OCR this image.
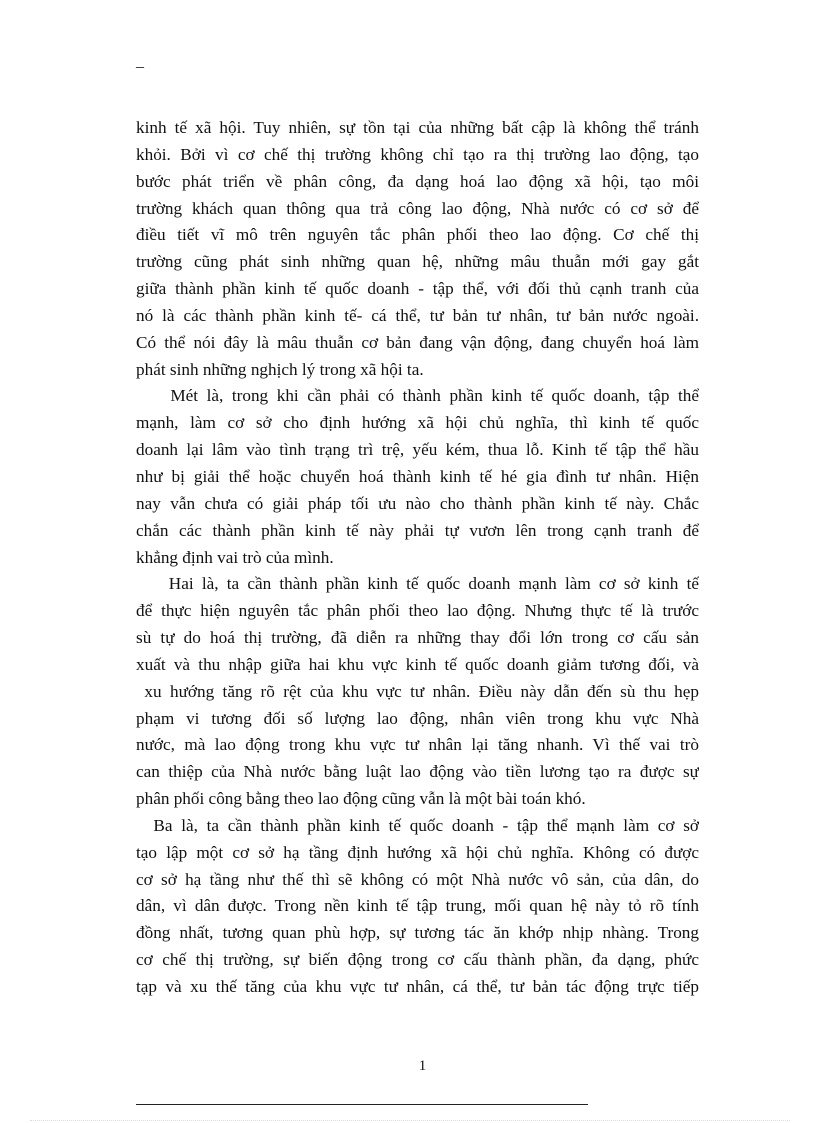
_
kinh tế xã hội. Tuy nhiên, sự tồn tại của những bất cập là không thể tránh
khỏi. Bởi vì cơ chế thị trường không chỉ tạo ra thị trường lao động, tạo
bước phát triển về phân công, đa dạng hoá lao động xã hội, tạo môi
trường khách quan thông qua trả công lao động, Nhà nước có cơ sở để
điều tiết vĩ mô trên nguyên tắc phân phối theo lao động. Cơ chế thị
trường cũng phát sinh những quan hệ, những mâu thuẫn mới gay gắt
giữa thành phần kinh tế quốc doanh - tập thể, với đối thủ cạnh tranh của
nó là các thành phần kinh tế- cá thể, tư bản tư nhân, tư bản nước ngoài.
Có thể nói đây là mâu thuẫn cơ bản đang vận động, đang chuyển hoá làm
phát sinh những nghịch lý trong xã hội ta.
Mét là, trong khi cần phải có thành phần kinh tế quốc doanh, tập thể
mạnh, làm cơ sở cho định hướng xã hội chủ nghĩa, thì kinh tế quốc
doanh lại lâm vào tình trạng trì trệ, yếu kém, thua lỗ. Kinh tế tập thể hầu
như bị giải thể hoặc chuyển hoá thành kinh tế hé gia đình tư nhân. Hiện
nay vẫn chưa có giải pháp tối ưu nào cho thành phần kinh tế này. Chắc
chắn các thành phần kinh tế này phải tự vươn lên trong cạnh tranh để
khẳng định vai trò của mình.
Hai là, ta cần thành phần kinh tế quốc doanh mạnh làm cơ sở kinh tế
để thực hiện nguyên tắc phân phối theo lao động. Nhưng thực tế là trước
sù tự do hoá thị trường, đã diễn ra những thay đổi lớn trong cơ cấu sản
xuất và thu nhập giữa hai khu vực kinh tế quốc doanh giảm tương đối, và
xu hướng tăng rõ rệt của khu vực tư nhân. Điều này dẫn đến sù thu hẹp
phạm vi tương đối số lượng lao động, nhân viên trong khu vực Nhà
nước, mà lao động trong khu vực tư nhân lại tăng nhanh. Vì thế vai trò
can thiệp của Nhà nước bằng luật lao động vào tiền lương tạo ra được sự
phân phối công bằng theo lao động cũng vẫn là một bài toán khó.
Ba là, ta cần thành phần kinh tế quốc doanh - tập thể mạnh làm cơ sở
tạo lập một cơ sở hạ tầng định hướng xã hội chủ nghĩa. Không có được
cơ sở hạ tầng như thế thì sẽ không có một Nhà nước vô sản, của dân, do
dân, vì dân được. Trong nền kinh tế tập trung, mối quan hệ này tỏ rõ tính
đồng nhất, tương quan phù hợp, sự tương tác ăn khớp nhịp nhàng. Trong
cơ chế thị trường, sự biến động trong cơ cấu thành phần, đa dạng, phức
tạp và xu thế tăng của khu vực tư nhân, cá thể, tư bản tác động trực tiếp
1
